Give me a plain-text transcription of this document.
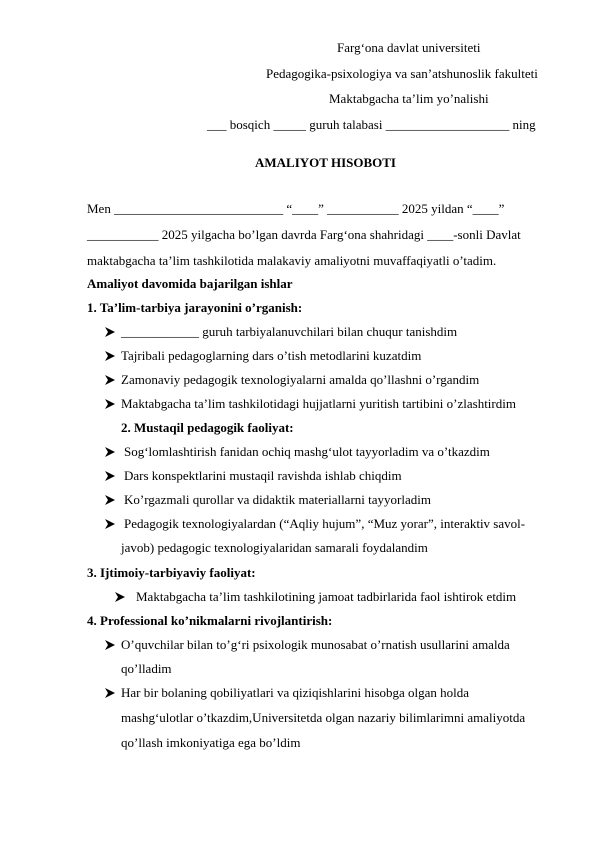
Farg‘ona davlat universiteti
Pedagogika-psixologiya va san’atshunoslik fakulteti
Maktabgacha ta’lim yo’nalishi
___ bosqich _____ guruh talabasi ___________________ ning
AMALIYOT HISOBOTI
Men __________________________ “____” ___________ 2025 yildan “____”
___________ 2025 yilgacha bo’lgan davrda Farg‘ona shahridagi ____-sonli Davlat
maktabgacha ta’lim tashkilotida malakaviy amaliyotni muvaffaqiyatli o’tadim.
Amaliyot davomida bajarilgan ishlar
1. Ta’lim-tarbiya jarayonini o’rganish:
____________ guruh tarbiyalanuvchilari bilan chuqur tanishdim
Tajribali pedagoglarning dars o’tish metodlarini kuzatdim
Zamonaviy pedagogik texnologiyalarni amalda qo’llashni o’rgandim
Maktabgacha ta’lim tashkilotidagi hujjatlarni yuritish tartibini o’zlashtirdim
2. Mustaqil pedagogik faoliyat:
Sog‘lomlashtirish fanidan ochiq mashg‘ulot tayyorladim va o’tkazdim
Dars konspektlarini mustaqil ravishda ishlab chiqdim
Ko’rgazmali qurollar va didaktik materiallarni tayyorladim
Pedagogik texnologiyalardan (“Aqliy hujum”, “Muz yorar”, interaktiv savol-
javob) pedagogic texnologiyalaridan samarali foydalandim
3. Ijtimoiy-tarbiyaviy faoliyat:
Maktabgacha ta’lim tashkilotining jamoat tadbirlarida faol ishtirok etdim
4. Professional ko’nikmalarni rivojlantirish:
O’quvchilar bilan to’g‘ri psixologik munosabat o’rnatish usullarini amalda
qo’lladim
Har bir bolaning qobiliyatlari va qiziqishlarini hisobga olgan holda
mashg‘ulotlar o’tkazdim,Universitetda olgan nazariy bilimlarimni amaliyotda
qo’llash imkoniyatiga ega bo’ldim
